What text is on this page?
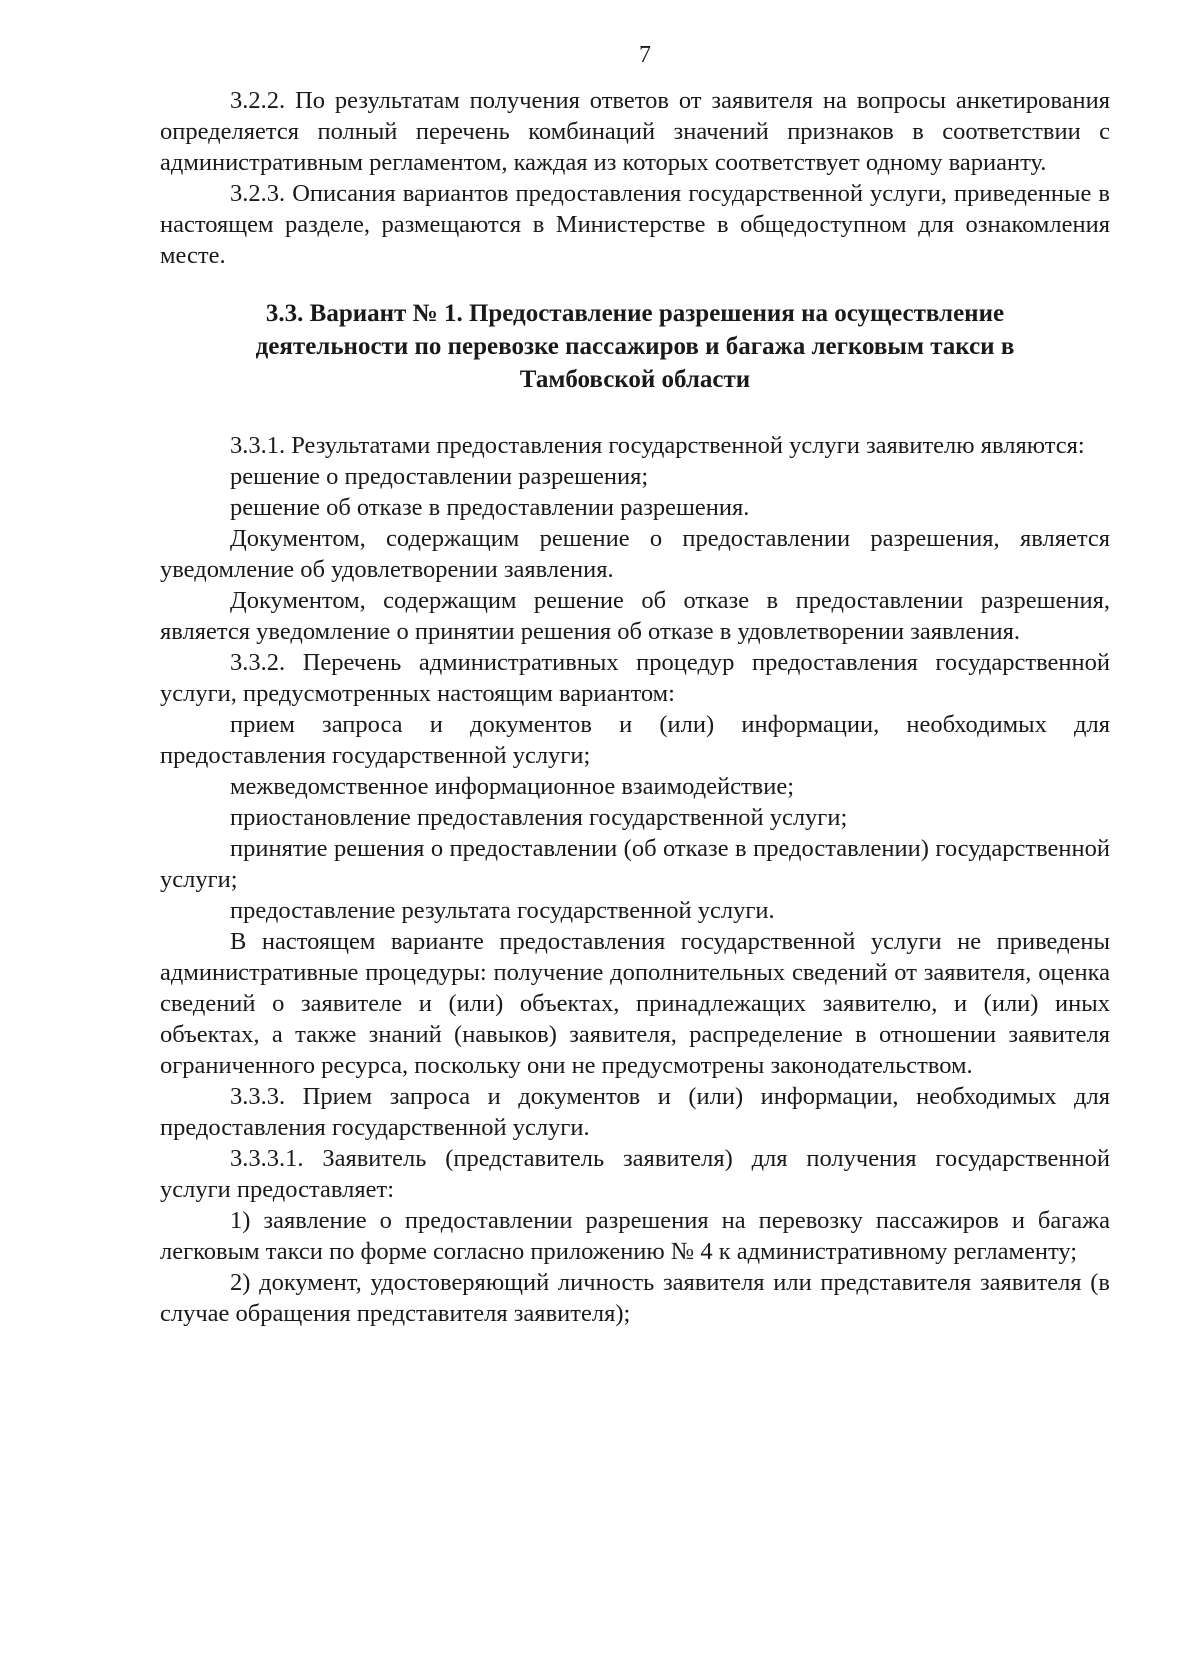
7

3.2.2. По результатам получения ответов от заявителя на вопросы анкетирования определяется полный перечень комбинаций значений признаков в соответствии с административным регламентом, каждая из которых соответствует одному варианту.

3.2.3. Описания вариантов предоставления государственной услуги, приведенные в настоящем разделе, размещаются в Министерстве в общедоступном для ознакомления месте.

3.3. Вариант № 1. Предоставление разрешения на осуществление
деятельности по перевозке пассажиров и багажа легковым такси в
Тамбовской области

3.3.1. Результатами предоставления государственной услуги заявителю являются:

решение о предоставлении разрешения;

решение об отказе в предоставлении разрешения.

Документом, содержащим решение о предоставлении разрешения, является уведомление об удовлетворении заявления.

Документом, содержащим решение об отказе в предоставлении разрешения, является уведомление о принятии решения об отказе в удовлетворении заявления.

3.3.2. Перечень административных процедур предоставления государственной услуги, предусмотренных настоящим вариантом:

прием запроса и документов и (или) информации, необходимых для предоставления государственной услуги;

межведомственное информационное взаимодействие;

приостановление предоставления государственной услуги;

принятие решения о предоставлении (об отказе в предоставлении) государственной услуги;

предоставление результата государственной услуги.

В настоящем варианте предоставления государственной услуги не приведены административные процедуры: получение дополнительных сведений от заявителя, оценка сведений о заявителе и (или) объектах, принадлежащих заявителю, и (или) иных объектах, а также знаний (навыков) заявителя, распределение в отношении заявителя ограниченного ресурса, поскольку они не предусмотрены законодательством.

3.3.3. Прием запроса и документов и (или) информации, необходимых для предоставления государственной услуги.

3.3.3.1. Заявитель (представитель заявителя) для получения государственной услуги предоставляет:

1) заявление о предоставлении разрешения на перевозку пассажиров и багажа легковым такси по форме согласно приложению № 4 к административному регламенту;

2) документ, удостоверяющий личность заявителя или представителя заявителя (в случае обращения представителя заявителя);
